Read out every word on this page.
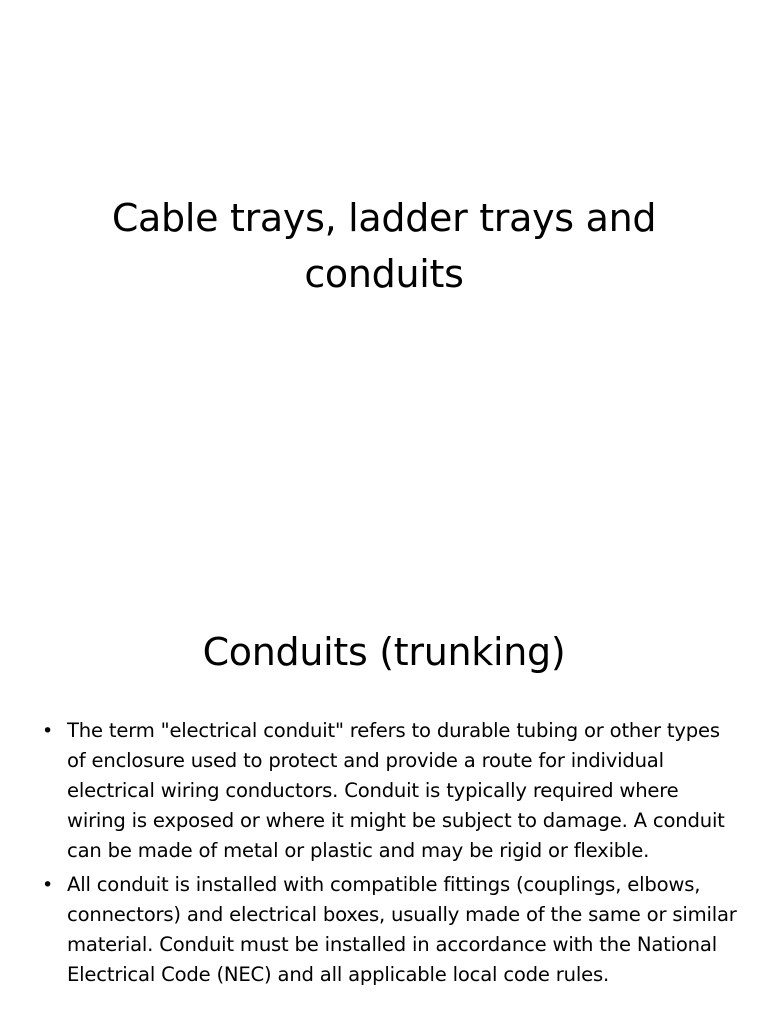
Cable trays, ladder trays and conduits
Conduits (trunking)
• The term "electrical conduit" refers to durable tubing or other types of enclosure used to protect and provide a route for individual electrical wiring conductors. Conduit is typically required where wiring is exposed or where it might be subject to damage. A conduit can be made of metal or plastic and may be rigid or flexible.
• All conduit is installed with compatible fittings (couplings, elbows, connectors) and electrical boxes, usually made of the same or similar material. Conduit must be installed in accordance with the National Electrical Code (NEC) and all applicable local code rules.
